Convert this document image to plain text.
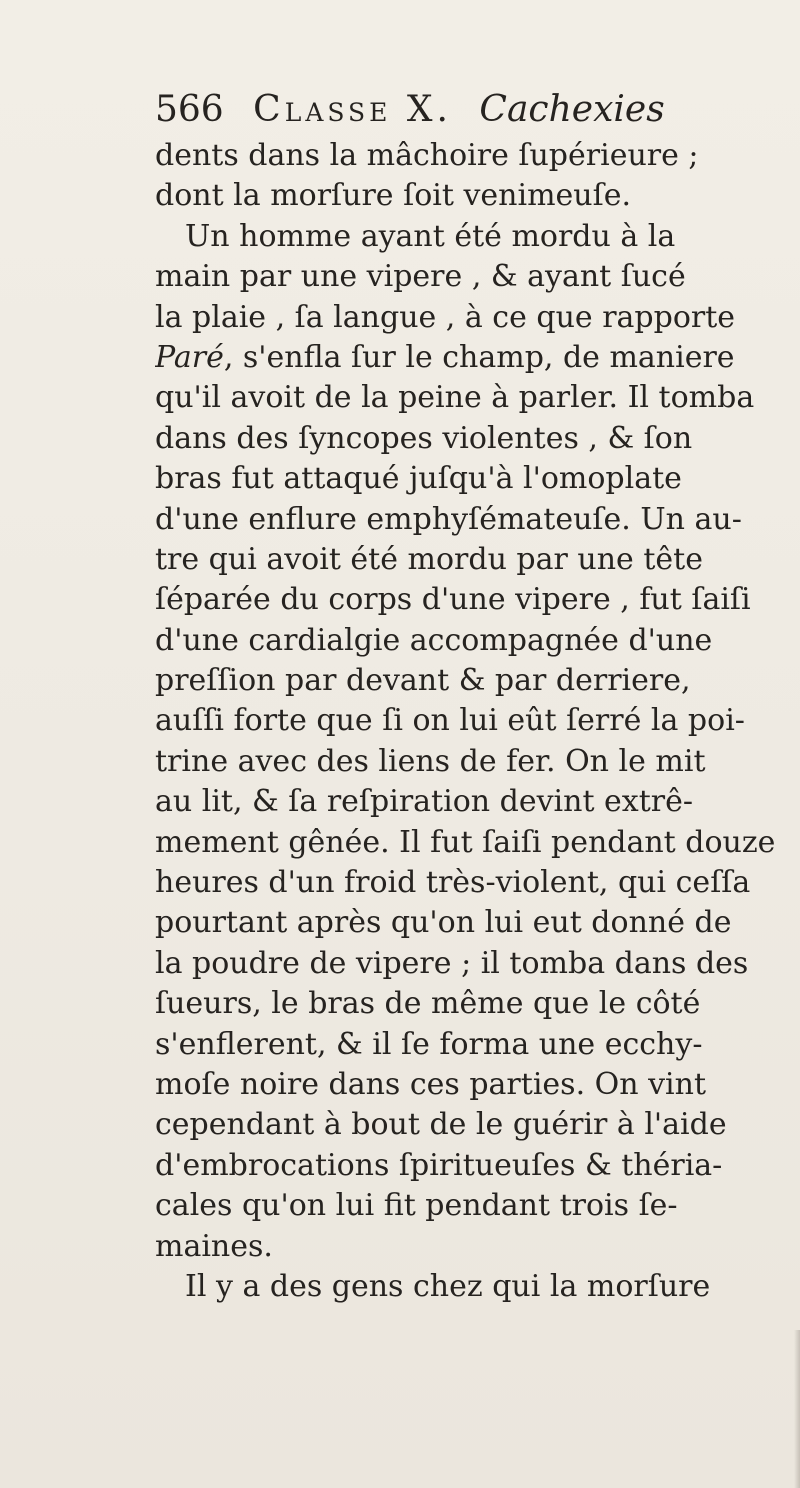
566 Classe X. Cachexies
dents dans la mâchoire ſupérieure ;
dont la morſure ſoit venimeuſe.
Un homme ayant été mordu à la
main par une vipere , & ayant ſucé
la plaie , ſa langue , à ce que rapporte
Paré, s'enfla ſur le champ, de maniere
qu'il avoit de la peine à parler. Il tomba
dans des ſyncopes violentes , & ſon
bras fut attaqué juſqu'à l'omoplate
d'une enflure emphyſémateuſe. Un au-
tre qui avoit été mordu par une tête
ſéparée du corps d'une vipere , fut ſaiſi
d'une cardialgie accompagnée d'une
preſſion par devant & par derriere,
auſſi forte que ſi on lui eût ſerré la poi-
trine avec des liens de fer. On le mit
au lit, & ſa reſpiration devint extrê-
mement gênée. Il fut ſaiſi pendant douze
heures d'un froid très-violent, qui ceſſa
pourtant après qu'on lui eut donné de
la poudre de vipere ; il tomba dans des
ſueurs, le bras de même que le côté
s'enflerent, & il ſe forma une ecchy-
moſe noire dans ces parties. On vint
cependant à bout de le guérir à l'aide
d'embrocations ſpiritueuſes & théria-
cales qu'on lui fit pendant trois ſe-
maines.
Il y a des gens chez qui la morſure
